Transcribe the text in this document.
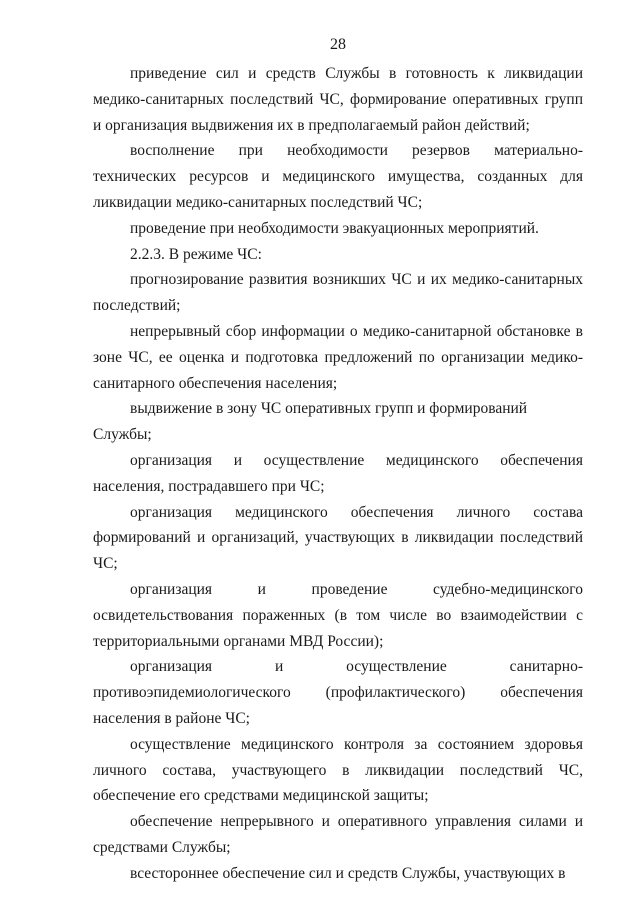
28

приведение сил и средств Службы в готовность к ликвидации медико-санитарных последствий ЧС, формирование оперативных групп и организация выдвижения их в предполагаемый район действий;

восполнение при необходимости резервов материально-технических ресурсов и медицинского имущества, созданных для ликвидации медико-санитарных последствий ЧС;

проведение при необходимости эвакуационных мероприятий.

2.2.3. В режиме ЧС:

прогнозирование развития возникших ЧС и их медико-санитарных последствий;

непрерывный сбор информации о медико-санитарной обстановке в зоне ЧС, ее оценка и подготовка предложений по организации медико-санитарного обеспечения населения;

выдвижение в зону ЧС оперативных групп и формирований Службы;

организация и осуществление медицинского обеспечения населения, пострадавшего при ЧС;

организация медицинского обеспечения личного состава формирований и организаций, участвующих в ликвидации последствий ЧС;

организация и проведение судебно-медицинского освидетельствования пораженных (в том числе во взаимодействии с территориальными органами МВД России);

организация и осуществление санитарно-противоэпидемиологического (профилактического) обеспечения населения в районе ЧС;

осуществление медицинского контроля за состоянием здоровья личного состава, участвующего в ликвидации последствий ЧС, обеспечение его средствами медицинской защиты;

обеспечение непрерывного и оперативного управления силами и средствами Службы;

всестороннее обеспечение сил и средств Службы, участвующих в
